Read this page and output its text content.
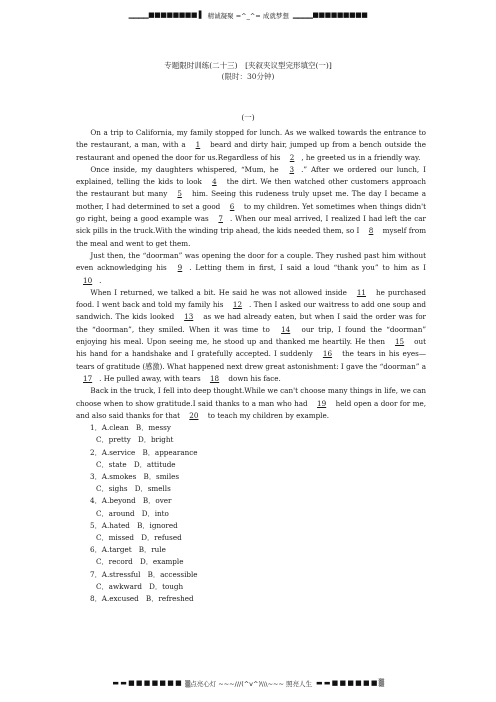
▁▁▁▁■■■■■■■■ ▌ 精诚凝聚 =^_^= 成就梦想 ▁▁▁▁■■■■■■■■■
专题限时训练(二十三)　[夹叙夹议型完形填空(一)]
(限时：30分钟)
(一)

On a trip to California, my family stopped for lunch. As we walked towards the entrance to the restaurant, a man, with a 1 beard and dirty hair, jumped up from a bench outside the restaurant and opened the door for us.Regardless of his 2 , he greeted us in a friendly way.

Once inside, my daughters whispered, “Mum, he 3 .” After we ordered our lunch, I explained, telling the kids to look 4 the dirt. We then watched other customers approach the restaurant but many 5 him. Seeing this rudeness truly upset me. The day I became a mother, I had determined to set a good 6 to my children. Yet sometimes when things didn't go right, being a good example was 7 . When our meal arrived, I realized I had left the car sick pills in the truck.With the winding trip ahead, the kids needed them, so I 8 myself from the meal and went to get them.

Just then, the “doorman” was opening the door for a couple. They rushed past him without even acknowledging his 9 . Letting them in first, I said a loud “thank you” to him as I 10 .

When I returned, we talked a bit. He said he was not allowed inside 11 he purchased food. I went back and told my family his 12 . Then I asked our waitress to add one soup and sandwich. The kids looked 13 as we had already eaten, but when I said the order was for the “doorman”, they smiled. When it was time to 14 our trip, I found the “doorman” enjoying his meal. Upon seeing me, he stood up and thanked me heartily. He then 15 out his hand for a handshake and I gratefully accepted. I suddenly 16 the tears in his eyes—tears of gratitude (感激). What happened next drew great astonishment: I gave the “doorman” a 17 . He pulled away, with tears 18 down his face.

Back in the truck, I fell into deep thought.While we can't choose many things in life, we can choose when to show gratitude.I said thanks to a man who had 19 held open a door for me, and also said thanks for that 20 to teach my children by example.

1．A.clean　B．messy
C．pretty　D．bright
2．A.service　B．appearance
C．state　D．attitude
3．A.smokes　B．smiles
C．sighs　D．smells
4．A.beyond　B．over
C．around　D．into
5．A.hated　B．ignored
C．missed　D．refused
6．A.target　B．rule
C．record　D．example
7．A.stressful　B．accessible
C．awkward　D．tough
8．A.excused　B．refreshed
▬ ▬ ■ ■ ■ ■ ■ ■ ■ ▒点亮心灯 ~~~///(^v^)\\\~~~ 照亮人生 ▬ ▬ ■ ■ ■ ■ ■ ■ ▒
